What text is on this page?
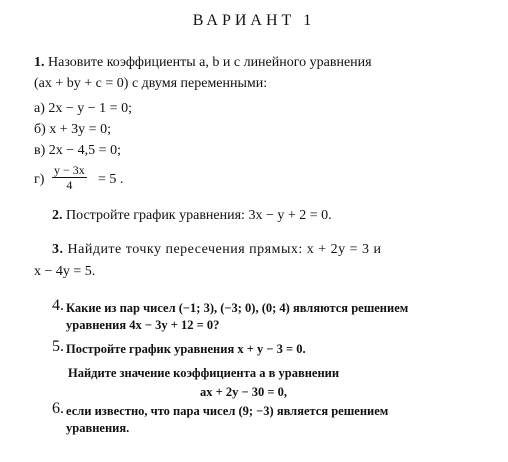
ВАРИАНТ 1
1. Назовите коэффициенты a, b и c линейного уравнения
(ax + by + c = 0) с двумя переменными:
а) 2x − y − 1 = 0;
б) x + 3y = 0;
в) 2x − 4,5 = 0;
$г) \frac{y - 3x}{4} = 5$ .
2. Постройте график уравнения: 3x − y + 2 = 0.
3. Найдите точку пересечения прямых: x + 2y = 3 и
x − 4y = 5.
4. Какие из пар чисел (−1; 3), (−3; 0), (0; 4) являются решением
уравнения 4x − 3y + 12 = 0?
5. Постройте график уравнения x + y − 3 = 0.
Найдите значение коэффициента a в уравнении
ax + 2y − 30 = 0,
6. если известно, что пара чисел (9; −3) является решением
уравнения.
